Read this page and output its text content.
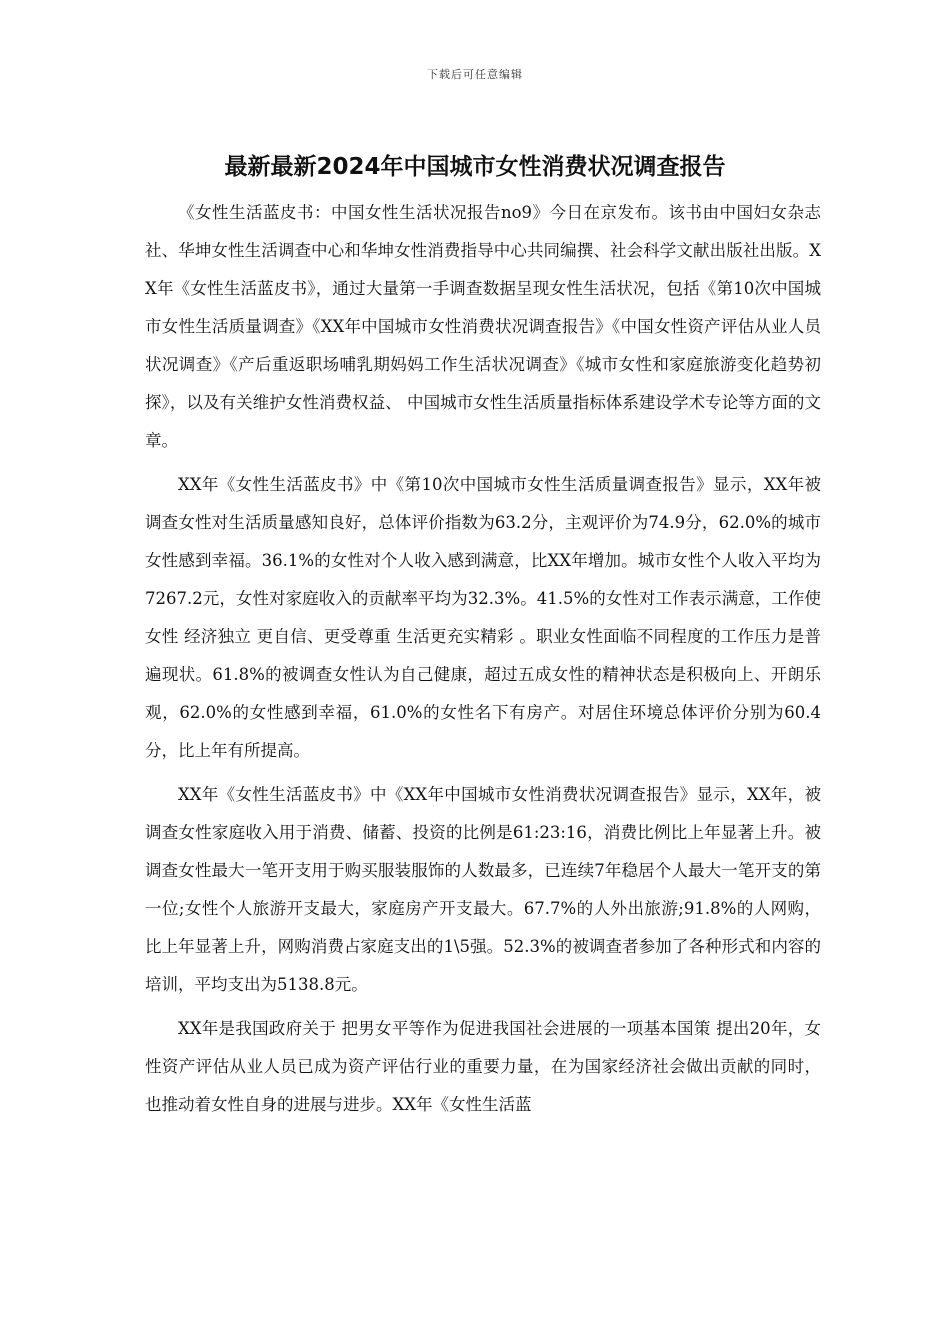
下载后可任意编辑
最新最新2024年中国城市女性消费状况调查报告

《女性生活蓝皮书：中国女性生活状况报告no9》今日在京发布。该书由中国妇女杂志社、华坤女性生活调查中心和华坤女性消费指导中心共同编撰、社会科学文献出版社出版。XX年《女性生活蓝皮书》，通过大量第一手调查数据呈现女性生活状况，包括《第10次中国城市女性生活质量调查》《XX年中国城市女性消费状况调查报告》《中国女性资产评估从业人员状况调查》《产后重返职场哺乳期妈妈工作生活状况调查》《城市女性和家庭旅游变化趋势初探》，以及有关维护女性消费权益、 中国城市女性生活质量指标体系建设学术专论等方面的文章。

XX年《女性生活蓝皮书》中《第10次中国城市女性生活质量调查报告》显示，XX年被调查女性对生活质量感知良好，总体评价指数为63.2分，主观评价为74.9分，62.0%的城市女性感到幸福。36.1%的女性对个人收入感到满意，比XX年增加。城市女性个人收入平均为7267.2元，女性对家庭收入的贡献率平均为32.3%。41.5%的女性对工作表示满意，工作使女性 经济独立 更自信、更受尊重 生活更充实精彩 。职业女性面临不同程度的工作压力是普遍现状。61.8%的被调查女性认为自己健康，超过五成女性的精神状态是积极向上、开朗乐观，62.0%的女性感到幸福，61.0%的女性名下有房产。对居住环境总体评价分别为60.4分，比上年有所提高。

XX年《女性生活蓝皮书》中《XX年中国城市女性消费状况调查报告》显示，XX年，被调查女性家庭收入用于消费、储蓄、投资的比例是61:23:16，消费比例比上年显著上升。被调查女性最大一笔开支用于购买服装服饰的人数最多，已连续7年稳居个人最大一笔开支的第一位;女性个人旅游开支最大，家庭房产开支最大。67.7%的人外出旅游;91.8%的人网购，比上年显著上升，网购消费占家庭支出的1\5强。52.3%的被调查者参加了各种形式和内容的培训，平均支出为5138.8元。

XX年是我国政府关于 把男女平等作为促进我国社会进展的一项基本国策 提出20年，女性资产评估从业人员已成为资产评估行业的重要力量，在为国家经济社会做出贡献的同时，也推动着女性自身的进展与进步。XX年《女性生活蓝
